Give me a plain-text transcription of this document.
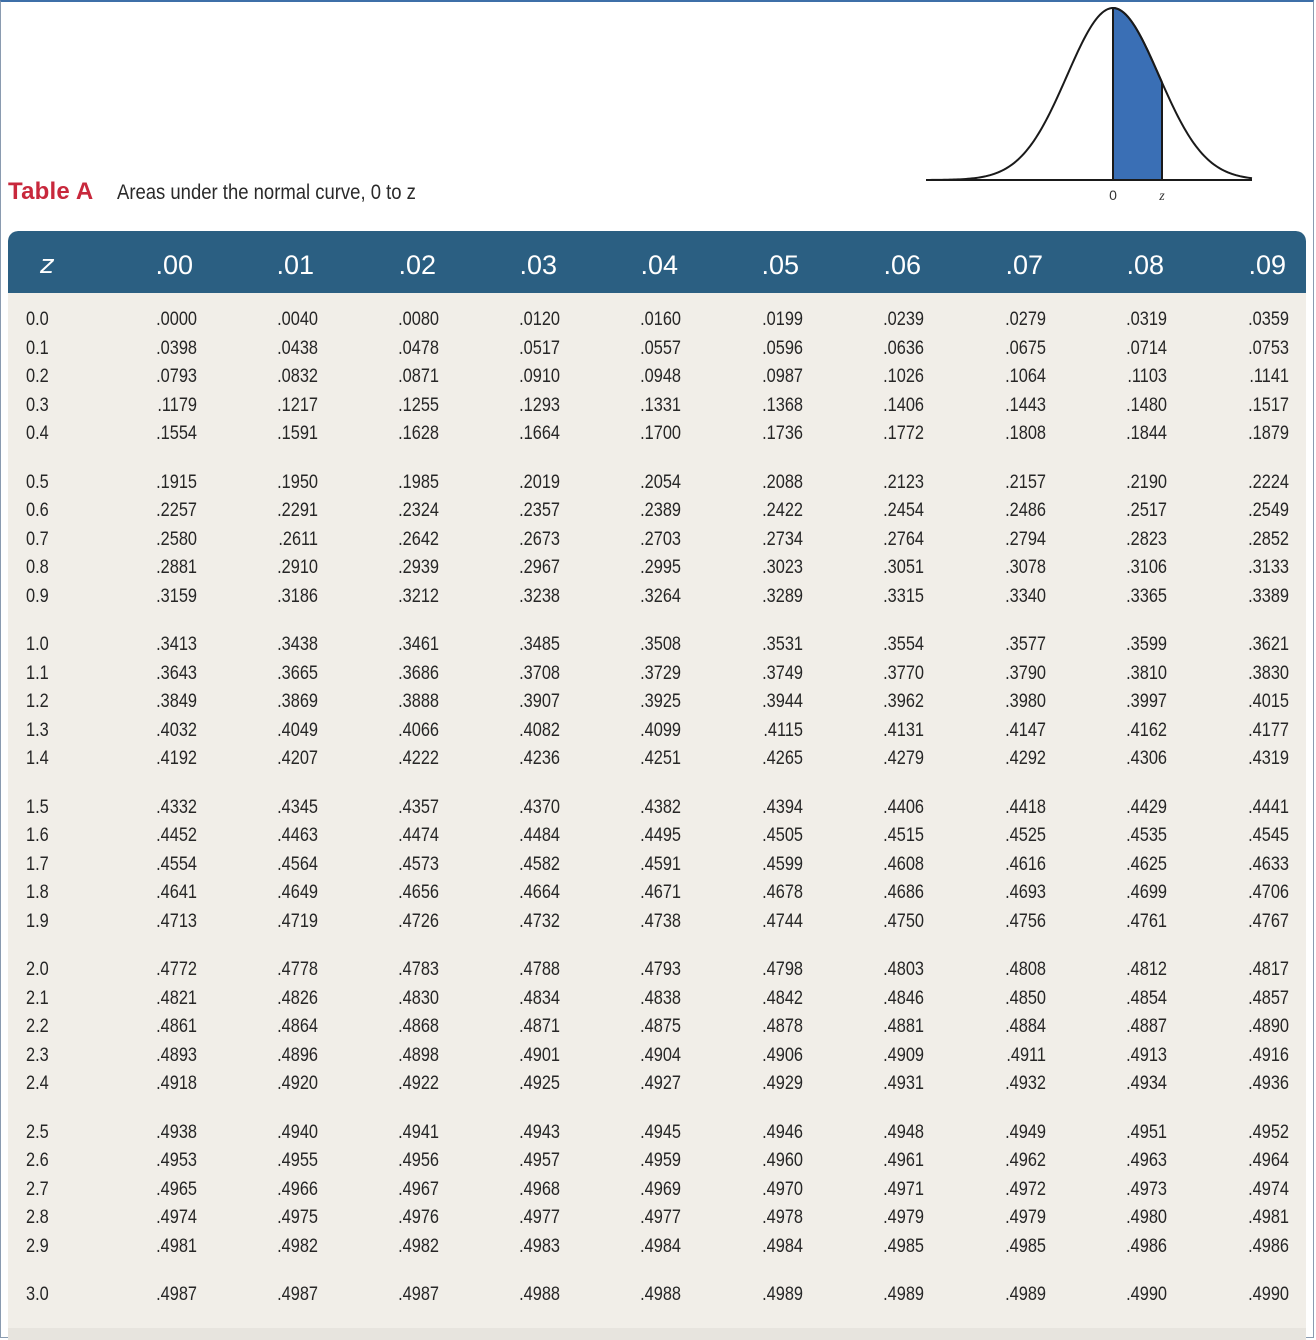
0	z
Table A Areas under the normal curve, 0 to z
z	.00	.01	.02	.03	.04	.05	.06	.07	.08	.09
0.0	.0000	.0040	.0080	.0120	.0160	.0199	.0239	.0279	.0319	.0359
0.1	.0398	.0438	.0478	.0517	.0557	.0596	.0636	.0675	.0714	.0753
0.2	.0793	.0832	.0871	.0910	.0948	.0987	.1026	.1064	.1103	.1141
0.3	.1179	.1217	.1255	.1293	.1331	.1368	.1406	.1443	.1480	.1517
0.4	.1554	.1591	.1628	.1664	.1700	.1736	.1772	.1808	.1844	.1879
0.5	.1915	.1950	.1985	.2019	.2054	.2088	.2123	.2157	.2190	.2224
0.6	.2257	.2291	.2324	.2357	.2389	.2422	.2454	.2486	.2517	.2549
0.7	.2580	.2611	.2642	.2673	.2703	.2734	.2764	.2794	.2823	.2852
0.8	.2881	.2910	.2939	.2967	.2995	.3023	.3051	.3078	.3106	.3133
0.9	.3159	.3186	.3212	.3238	.3264	.3289	.3315	.3340	.3365	.3389
1.0	.3413	.3438	.3461	.3485	.3508	.3531	.3554	.3577	.3599	.3621
1.1	.3643	.3665	.3686	.3708	.3729	.3749	.3770	.3790	.3810	.3830
1.2	.3849	.3869	.3888	.3907	.3925	.3944	.3962	.3980	.3997	.4015
1.3	.4032	.4049	.4066	.4082	.4099	.4115	.4131	.4147	.4162	.4177
1.4	.4192	.4207	.4222	.4236	.4251	.4265	.4279	.4292	.4306	.4319
1.5	.4332	.4345	.4357	.4370	.4382	.4394	.4406	.4418	.4429	.4441
1.6	.4452	.4463	.4474	.4484	.4495	.4505	.4515	.4525	.4535	.4545
1.7	.4554	.4564	.4573	.4582	.4591	.4599	.4608	.4616	.4625	.4633
1.8	.4641	.4649	.4656	.4664	.4671	.4678	.4686	.4693	.4699	.4706
1.9	.4713	.4719	.4726	.4732	.4738	.4744	.4750	.4756	.4761	.4767
2.0	.4772	.4778	.4783	.4788	.4793	.4798	.4803	.4808	.4812	.4817
2.1	.4821	.4826	.4830	.4834	.4838	.4842	.4846	.4850	.4854	.4857
2.2	.4861	.4864	.4868	.4871	.4875	.4878	.4881	.4884	.4887	.4890
2.3	.4893	.4896	.4898	.4901	.4904	.4906	.4909	.4911	.4913	.4916
2.4	.4918	.4920	.4922	.4925	.4927	.4929	.4931	.4932	.4934	.4936
2.5	.4938	.4940	.4941	.4943	.4945	.4946	.4948	.4949	.4951	.4952
2.6	.4953	.4955	.4956	.4957	.4959	.4960	.4961	.4962	.4963	.4964
2.7	.4965	.4966	.4967	.4968	.4969	.4970	.4971	.4972	.4973	.4974
2.8	.4974	.4975	.4976	.4977	.4977	.4978	.4979	.4979	.4980	.4981
2.9	.4981	.4982	.4982	.4983	.4984	.4984	.4985	.4985	.4986	.4986
3.0	.4987	.4987	.4987	.4988	.4988	.4989	.4989	.4989	.4990	.4990
